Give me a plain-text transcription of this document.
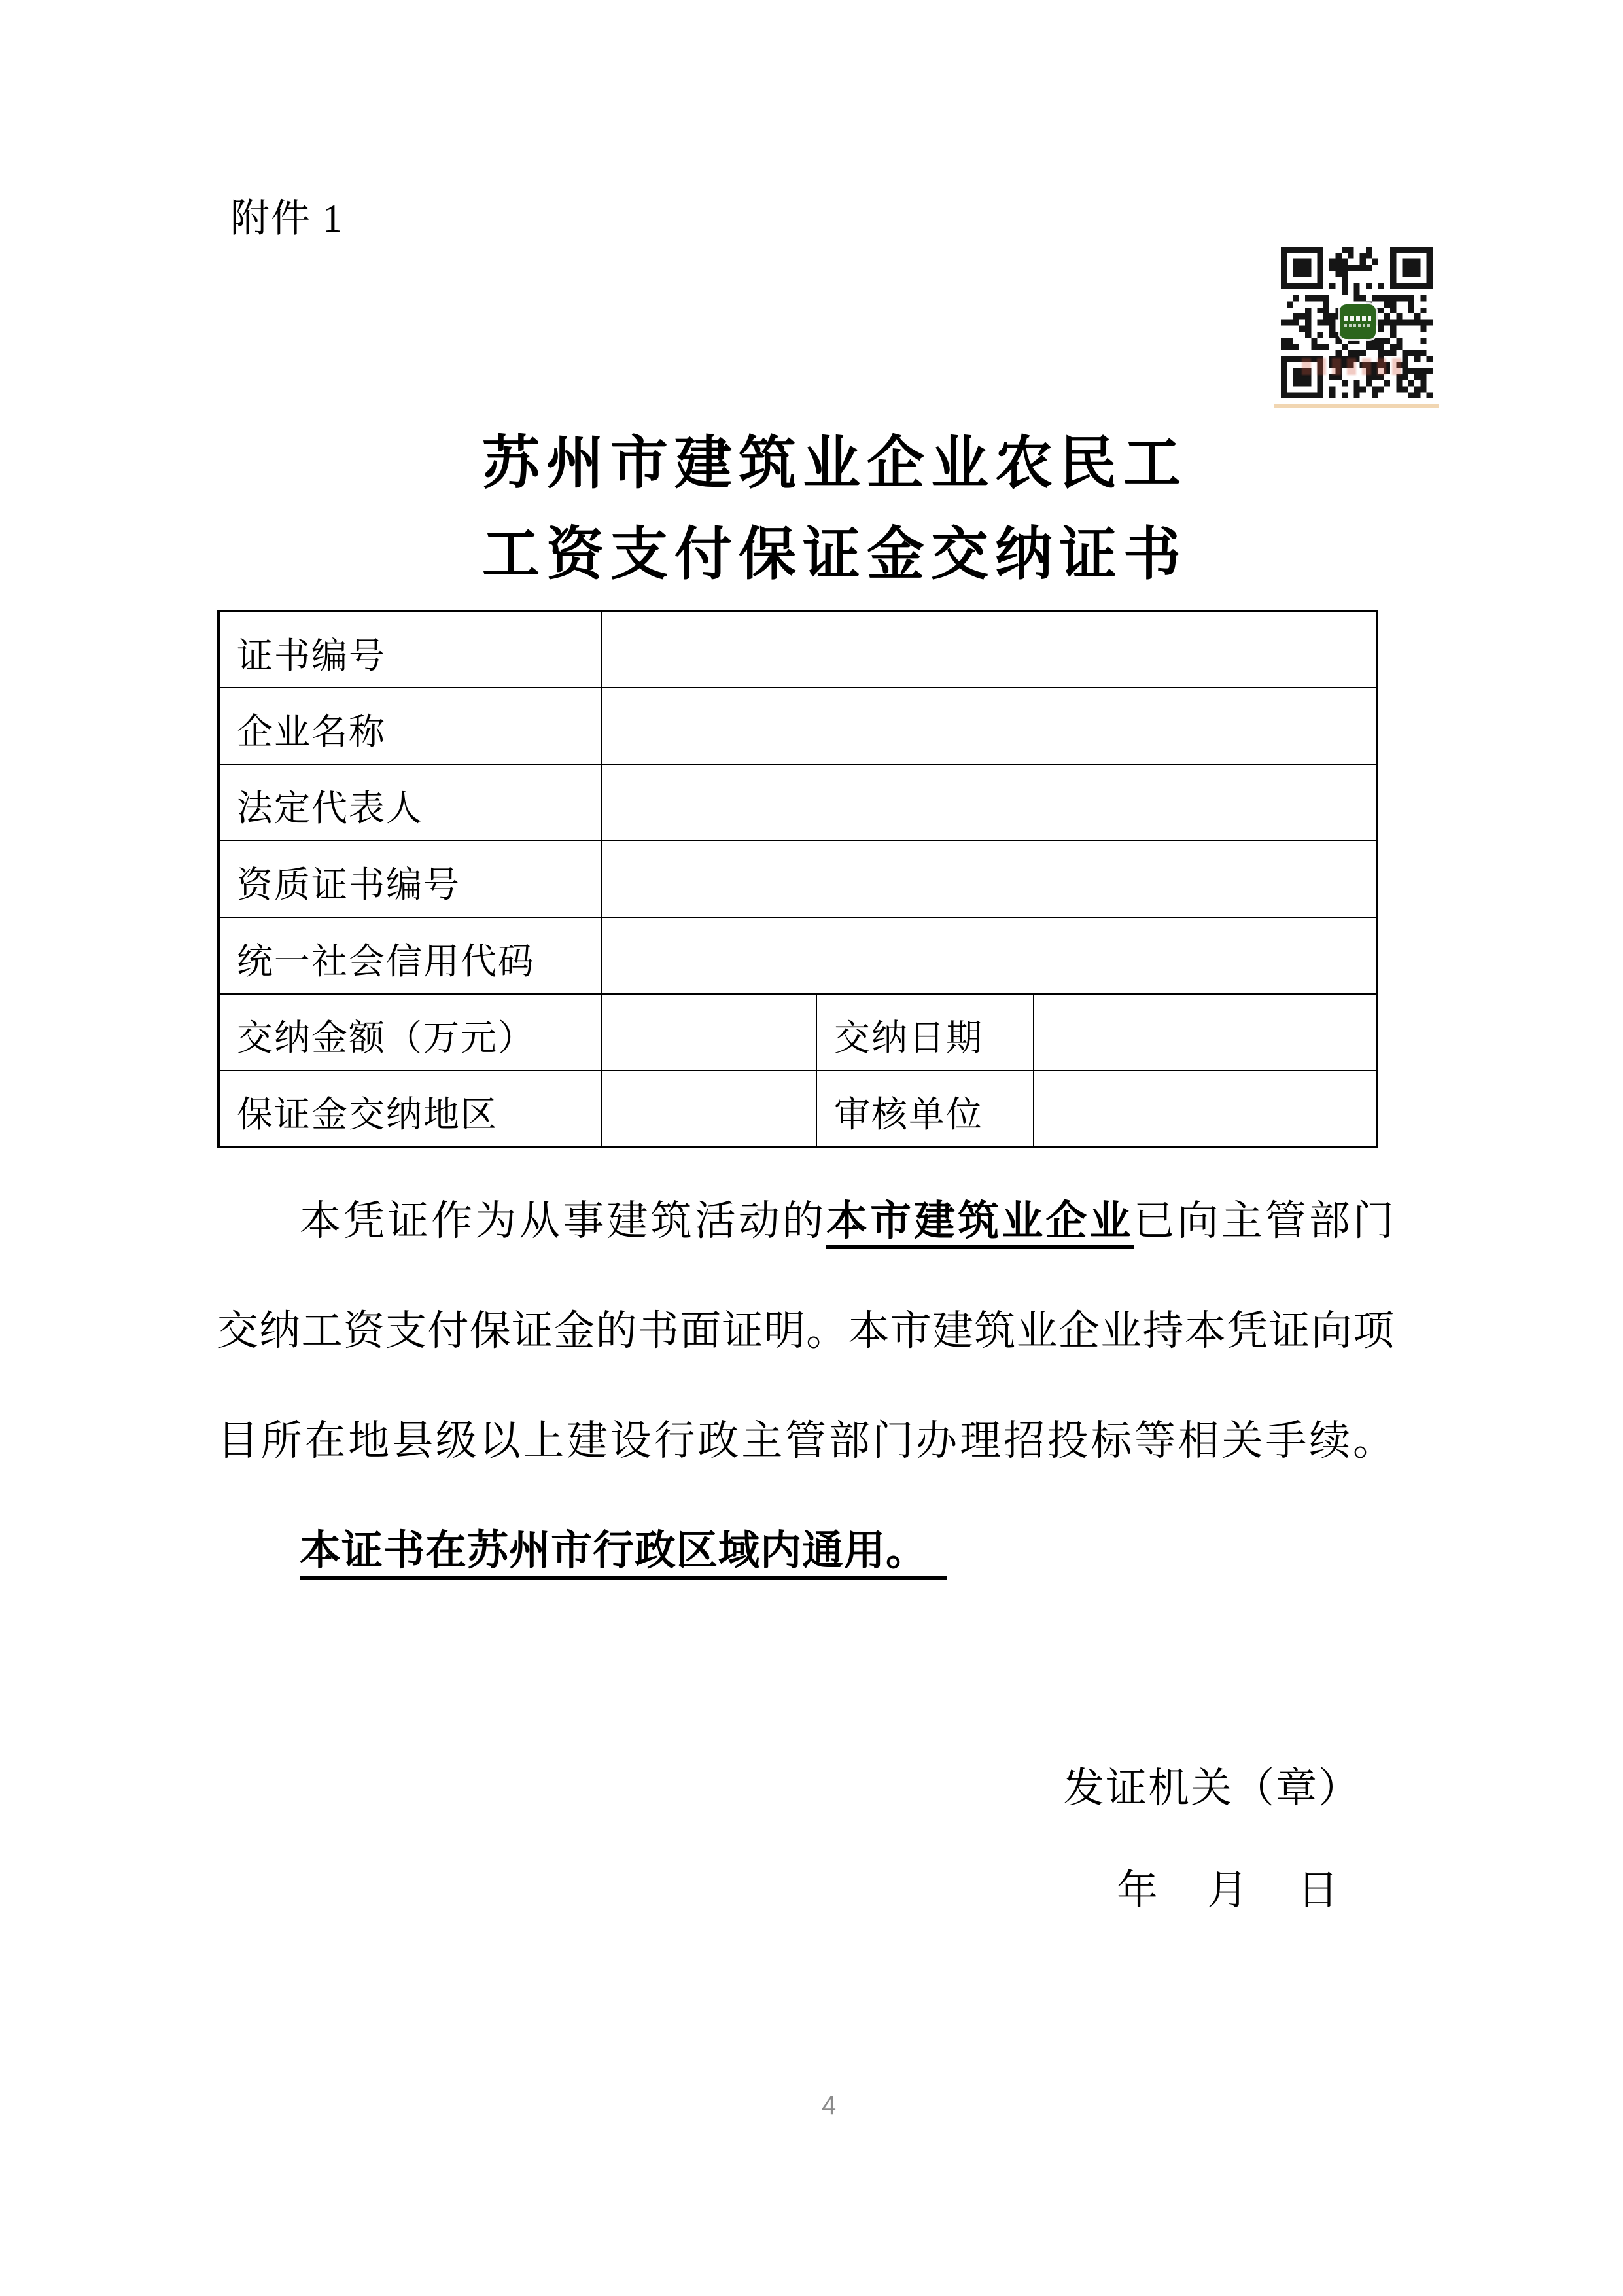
附件 1
苏州市建筑业企业农民工
工资支付保证金交纳证书
证书编号			
企业名称			
法定代表人			
资质证书编号			
统一社会信用代码			
交纳金额（万元）		交纳日期	
保证金交纳地区		审核单位	
本凭证作为从事建筑活动的本市建筑业企业已向主管部门
交纳工资支付保证金的书面证明。本市建筑业企业持本凭证向项
目所在地县级以上建设行政主管部门办理招投标等相关手续。
本证书在苏州市行政区域内通用。
发证机关（章）
年　月　日
4
